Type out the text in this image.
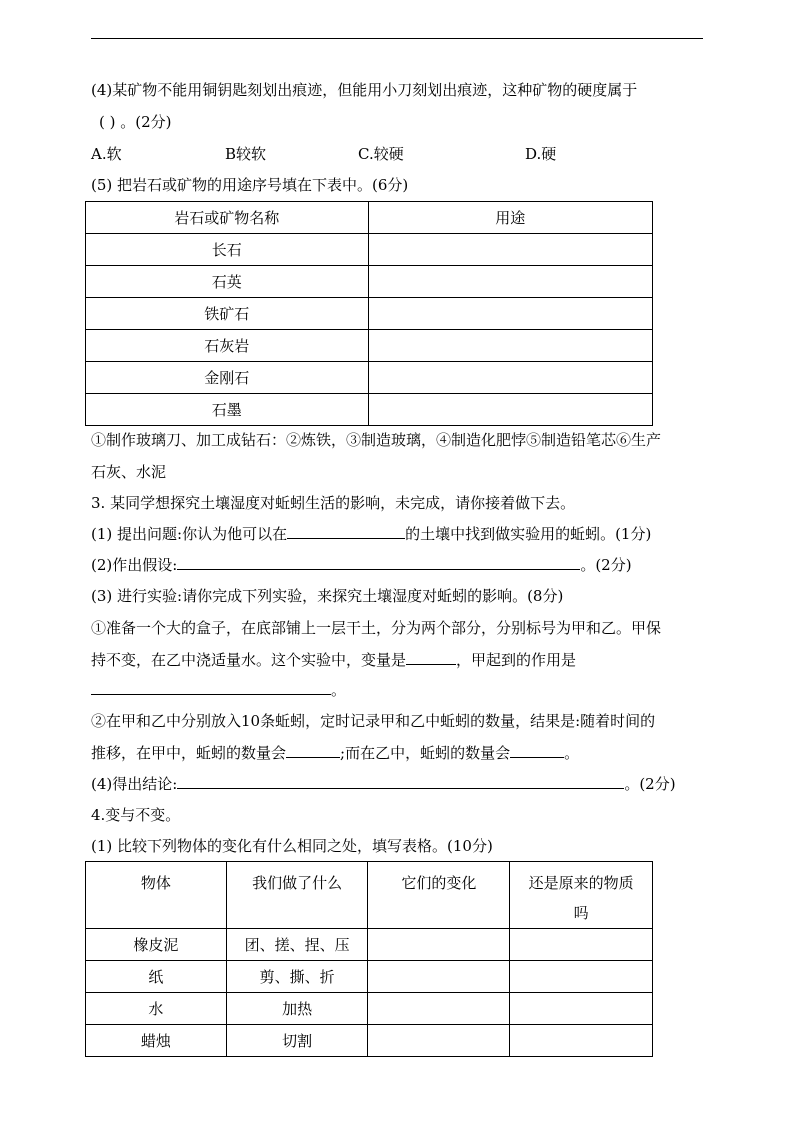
(4)某矿物不能用铜钥匙刻划出痕迹，但能用小刀刻划出痕迹，这种矿物的硬度属于
( ) 。(2分)
A.软	B较软	C.较硬	D.硬
(5) 把岩石或矿物的用途序号填在下表中。(6分)
岩石或矿物名称	用途
长石	
石英	
铁矿石	
石灰岩	
金刚石	
石墨	
①制作玻璃刀、加工成钻石：②炼铁，③制造玻璃，④制造化肥悖⑤制造铅笔芯⑥生产
石灰、水泥
3. 某同学想探究土壤湿度对蚯蚓生活的影响，未完成，请你接着做下去。
(1) 提出问题:你认为他可以在	的土壤中找到做实验用的蚯蚓。(1分)
(2)作出假设:	。(2分)
(3) 进行实验:请你完成下列实验，来探究土壤湿度对蚯蚓的影响。(8分)
①准备一个大的盒子，在底部铺上一层干土，分为两个部分，分别标号为甲和乙。甲保
持不变，在乙中浇适量水。这个实验中，变量是	，甲起到的作用是
。
②在甲和乙中分别放入10条蚯蚓，定时记录甲和乙中蚯蚓的数量，结果是:随着时间的
推移，在甲中，蚯蚓的数量会	;而在乙中，蚯蚓的数量会	。
(4)得出结论:	。(2分)
4.变与不变。
(1) 比较下列物体的变化有什么相同之处，填写表格。(10分)
物体	我们做了什么	它们的变化	还是原来的物质吗
橡皮泥	团、搓、捏、压		
纸	剪、撕、折		
水	加热		
蜡烛	切割		
